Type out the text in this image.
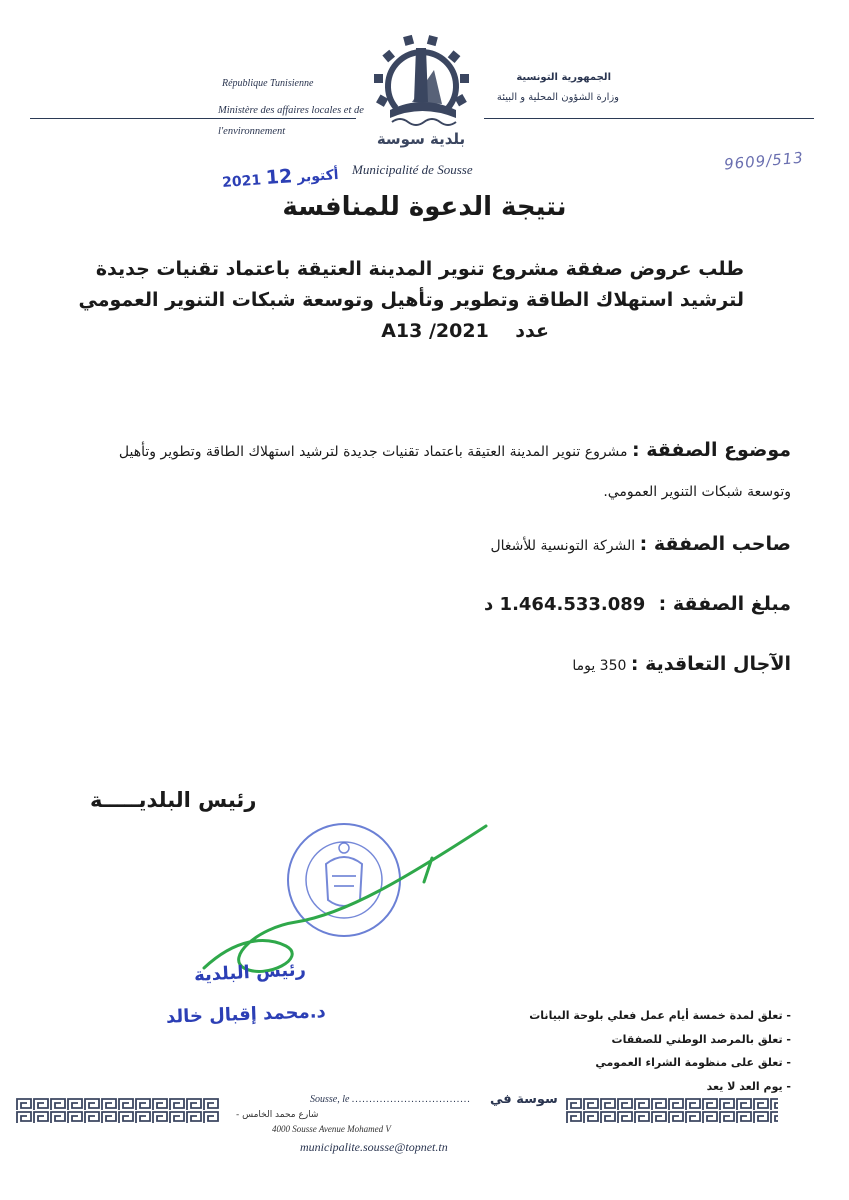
République Tunisienne
Ministère des affaires locales et de l'environnement
الجمهورية التونسية
وزارة الشؤون المحلية و البيئة
بلدية سوسة
Municipalité de Sousse
2021 أكتوبر 12
9609/513
نتيجة الدعوة للمنافسة
طلب عروض صفقة مشروع تنوير المدينة العتيقة باعتماد تقنيات جديدة
لترشيد استهلاك الطاقة وتطوير وتأهيل وتوسعة شبكات التنوير العمومي
عدد    A13 /2021
موضوع الصفقة : مشروع تنوير المدينة العتيقة باعتماد تقنيات جديدة لترشيد استهلاك الطاقة وتطوير وتأهيل
وتوسعة شبكات التنوير العمومي.
صاحب الصفقة : الشركة التونسية للأشغال
مبلغ الصفقة :   1.464.533.089 د
الآجال التعاقدية : 350 يوما
رئيس البلديـــــة
رئيس البلدية
د.محمد إقبال خالد	- تعلق لمدة خمسة أيام عمل فعلي بلوحة البيانات
- تعلق بالمرصد الوطني للصفقات
- تعلق على منظومة الشراء العمومي
- يوم العد لا يعد
سوسة في
Sousse, le ..................................
شارع محمد الخامس -
4000 Sousse Avenue Mohamed V
municipalite.sousse@topnet.tn
